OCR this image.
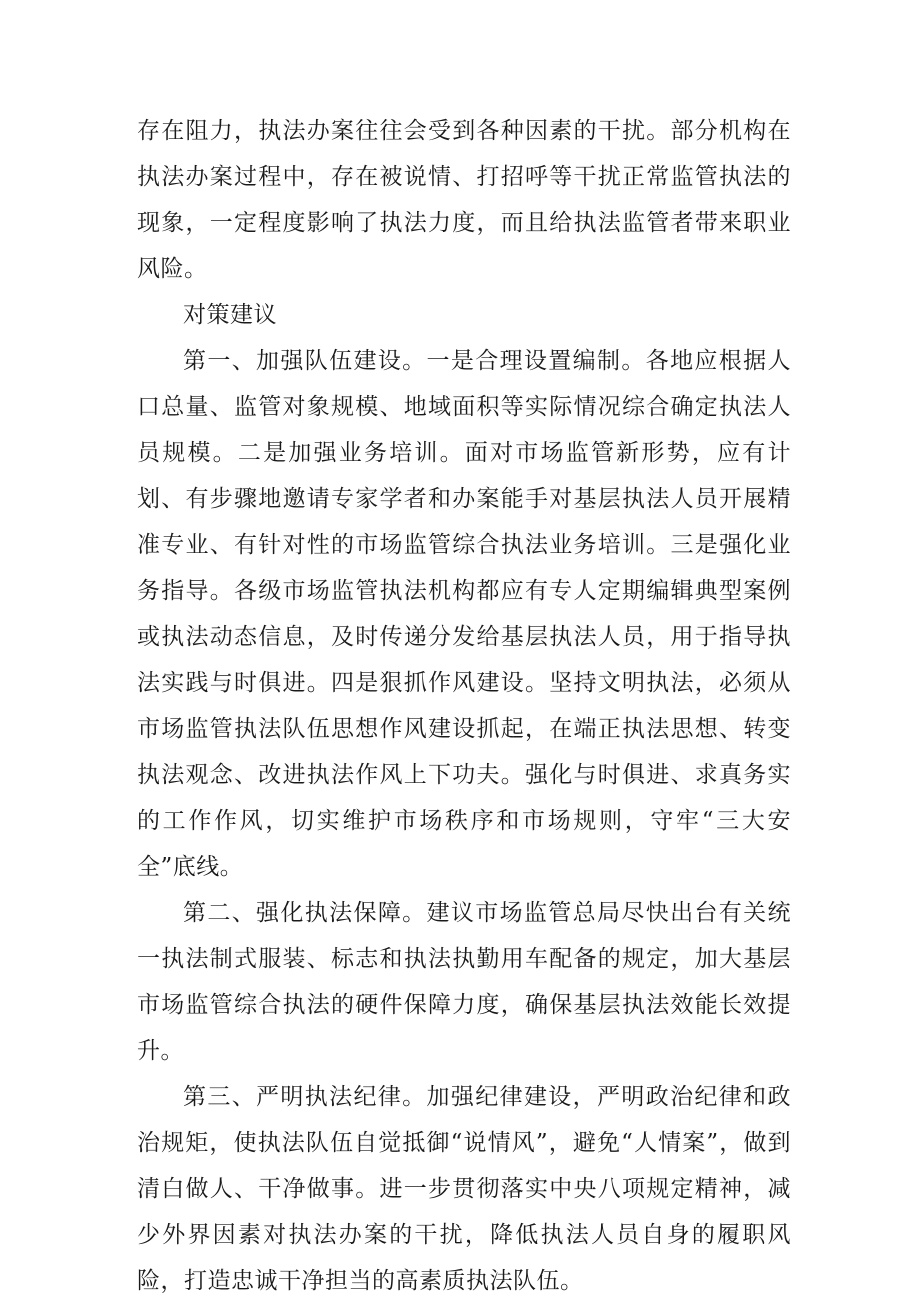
存在阻力，执法办案往往会受到各种因素的干扰。部分机构在执法办案过程中，存在被说情、打招呼等干扰正常监管执法的现象，一定程度影响了执法力度，而且给执法监管者带来职业风险。

对策建议

第一、加强队伍建设。一是合理设置编制。各地应根据人口总量、监管对象规模、地域面积等实际情况综合确定执法人员规模。二是加强业务培训。面对市场监管新形势，应有计划、有步骤地邀请专家学者和办案能手对基层执法人员开展精准专业、有针对性的市场监管综合执法业务培训。三是强化业务指导。各级市场监管执法机构都应有专人定期编辑典型案例或执法动态信息，及时传递分发给基层执法人员，用于指导执法实践与时俱进。四是狠抓作风建设。坚持文明执法，必须从市场监管执法队伍思想作风建设抓起，在端正执法思想、转变执法观念、改进执法作风上下功夫。强化与时俱进、求真务实的工作作风，切实维护市场秩序和市场规则，守牢“三大安全”底线。

第二、强化执法保障。建议市场监管总局尽快出台有关统一执法制式服装、标志和执法执勤用车配备的规定，加大基层市场监管综合执法的硬件保障力度，确保基层执法效能长效提升。

第三、严明执法纪律。加强纪律建设，严明政治纪律和政治规矩，使执法队伍自觉抵御“说情风”，避免“人情案”，做到清白做人、干净做事。进一步贯彻落实中央八项规定精神，减少外界因素对执法办案的干扰，降低执法人员自身的履职风险，打造忠诚干净担当的高素质执法队伍。
